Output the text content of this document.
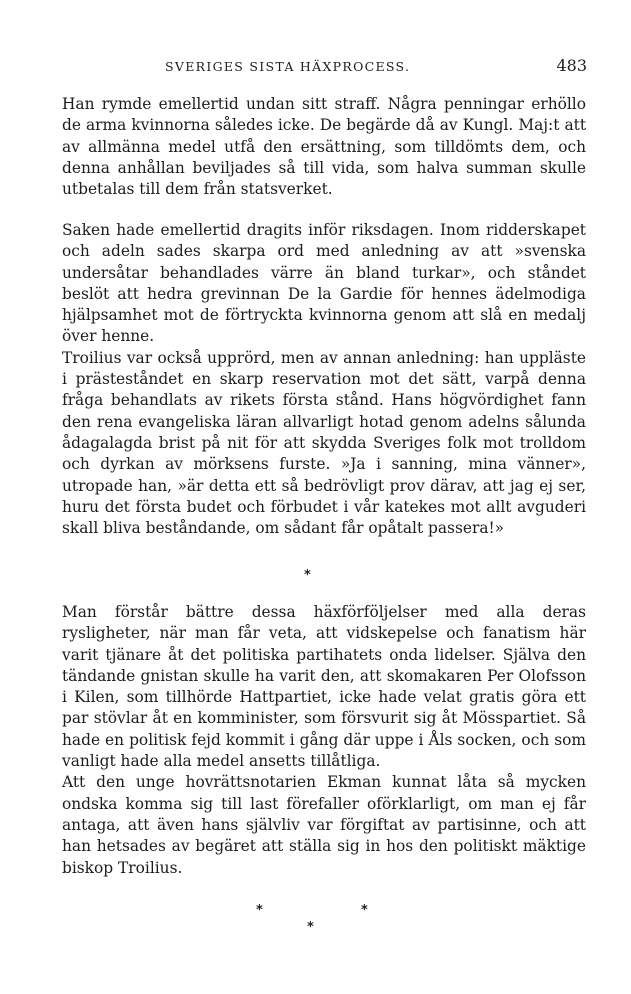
SVERIGES SISTA HÄXPROCESS.	483

Han rymde emellertid undan sitt straff. Några penningar erhöllo de arma kvinnorna således icke. De begärde då av Kungl. Maj:t att av allmänna medel utfå den ersättning, som tilldömts dem, och denna anhållan beviljades så till vida, som halva summan skulle utbetalas till dem från statsverket.

Saken hade emellertid dragits inför riksdagen. Inom ridderskapet och adeln sades skarpa ord med anledning av att »svenska undersåtar behandlades värre än bland turkar», och ståndet beslöt att hedra grevinnan De la Gardie för hennes ädelmodiga hjälpsamhet mot de förtryckta kvinnorna genom att slå en medalj över henne.

Troilius var också upprörd, men av annan anledning: han uppläste i prästeståndet en skarp reservation mot det sätt, varpå denna fråga behandlats av rikets första stånd. Hans högvördighet fann den rena evangeliska läran allvarligt hotad genom adelns sålunda ådagalagda brist på nit för att skydda Sveriges folk mot trolldom och dyrkan av mörksens furste. »Ja i sanning, mina vänner», utropade han, »är detta ett så bedrövligt prov därav, att jag ej ser, huru det första budet och förbudet i vår katekes mot allt avguderi skall bliva beståndande, om sådant får opåtalt passera!»

*

Man förstår bättre dessa häxförföljelser med alla deras rysligheter, när man får veta, att vidskepelse och fanatism här varit tjänare åt det politiska partihatets onda lidelser. Själva den tändande gnistan skulle ha varit den, att skomakaren Per Olofsson i Kilen, som tillhörde Hattpartiet, icke hade velat gratis göra ett par stövlar åt en komminister, som försvurit sig åt Mösspartiet. Så hade en politisk fejd kommit i gång där uppe i Åls socken, och som vanligt hade alla medel ansetts tillåtliga.

Att den unge hovrättsnotarien Ekman kunnat låta så mycken ondska komma sig till last förefaller oförklarligt, om man ej får antaga, att även hans självliv var förgiftat av partisinne, och att han hetsades av begäret att ställa sig in hos den politiskt mäktige biskop Troilius.

*	*
*
